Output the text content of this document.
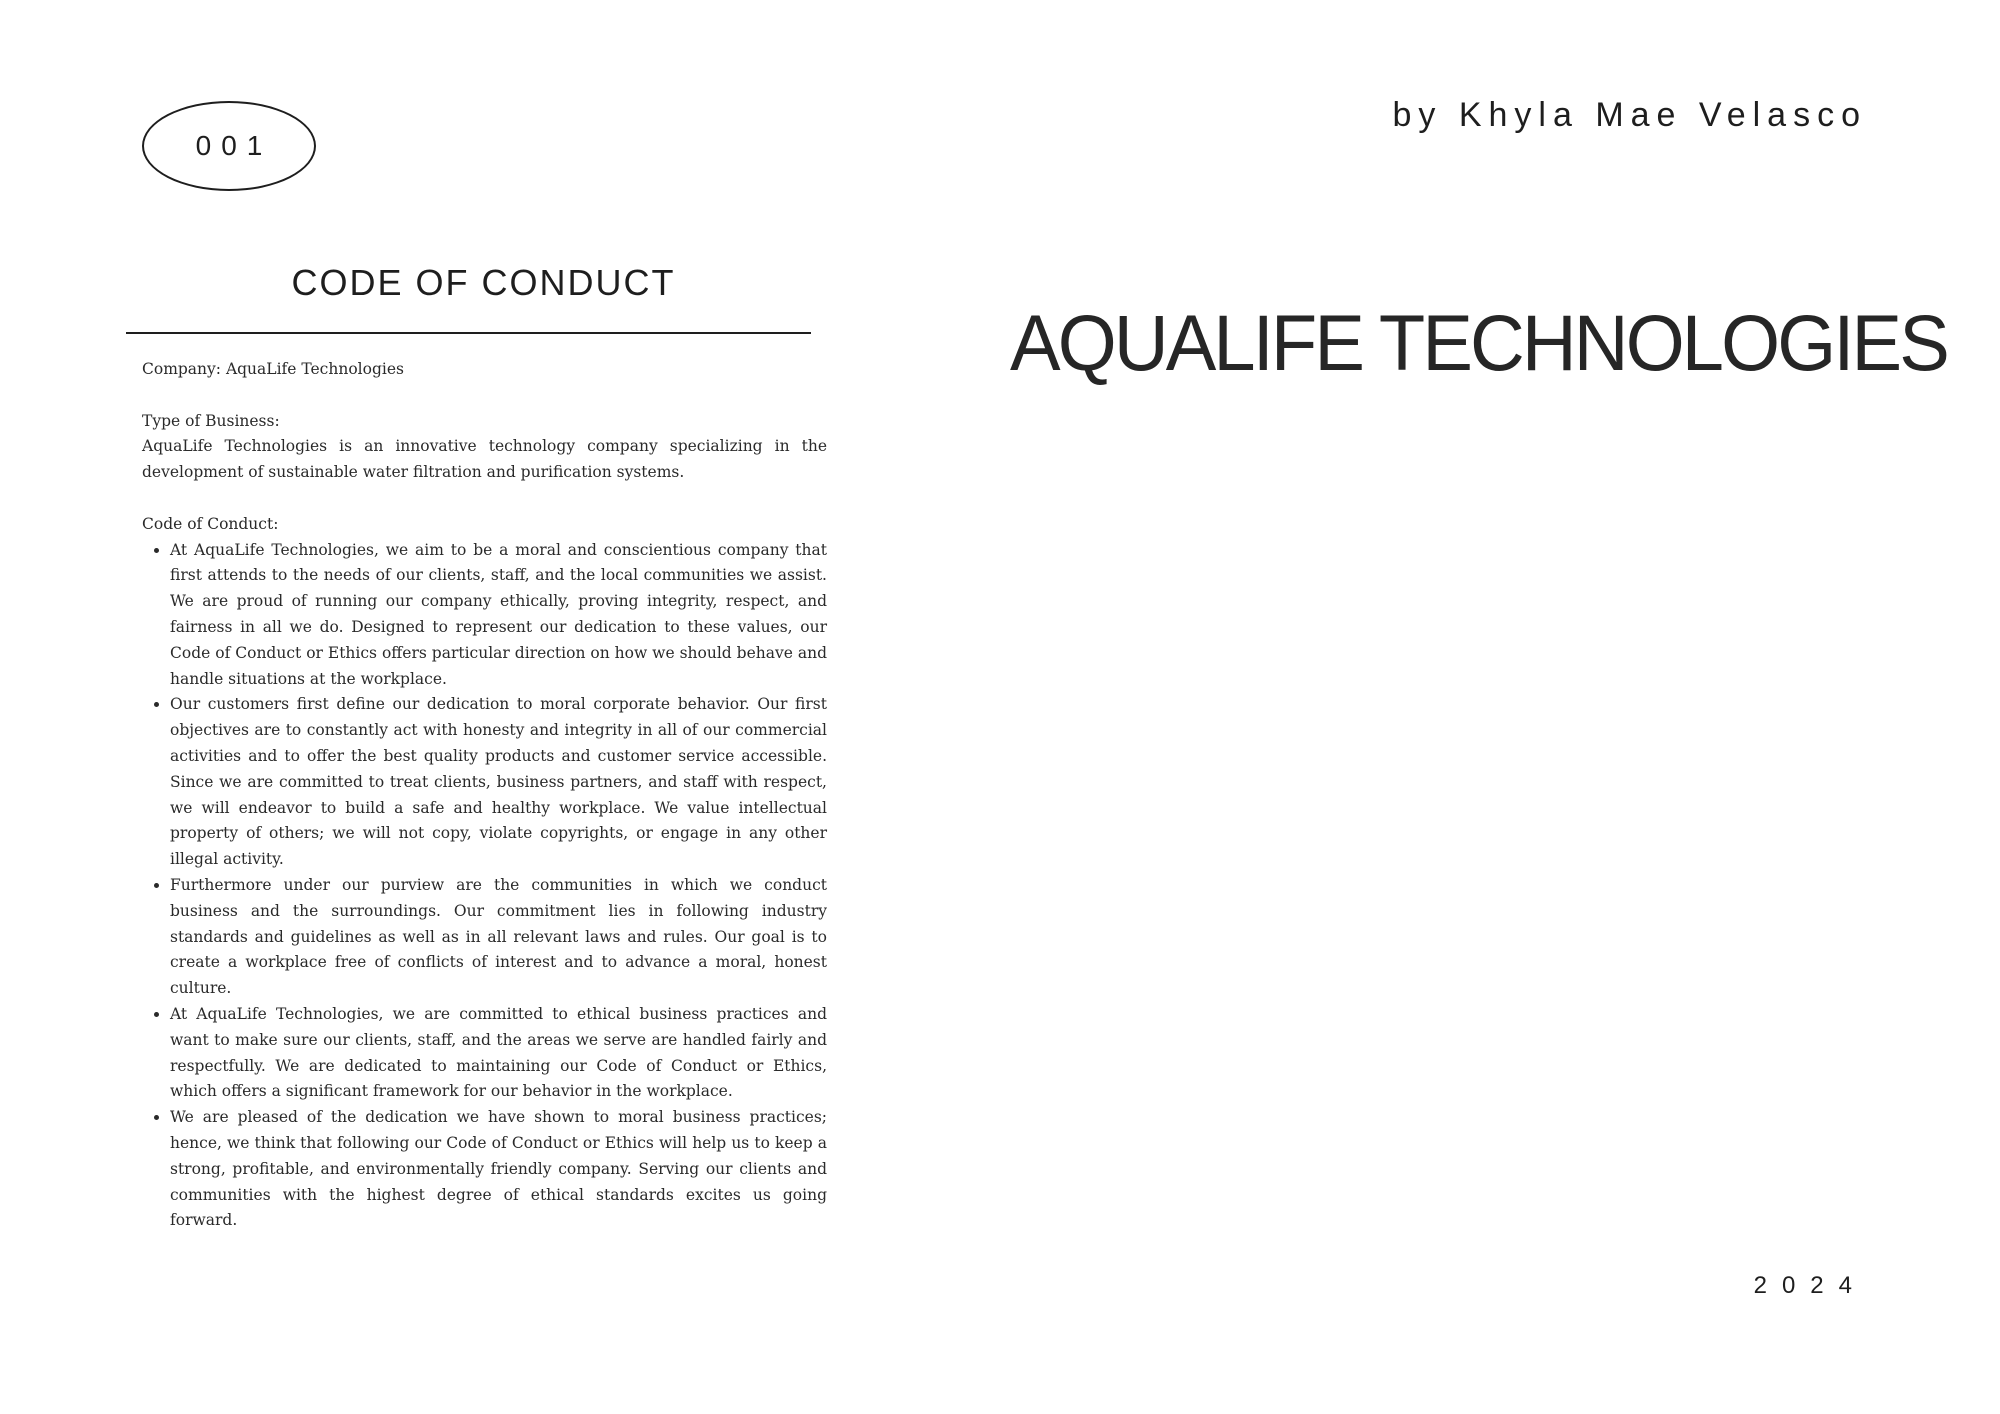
001
by Khyla Mae Velasco
CODE OF CONDUCT

Company: AquaLife Technologies

Type of Business:

AquaLife Technologies is an innovative technology company specializing in the development of sustainable water filtration and purification systems.

Code of Conduct:

• At AquaLife Technologies, we aim to be a moral and conscientious company that first attends to the needs of our clients, staff, and the local communities we assist. We are proud of running our company ethically, proving integrity, respect, and fairness in all we do. Designed to represent our dedication to these values, our Code of Conduct or Ethics offers particular direction on how we should behave and handle situations at the workplace.
• Our customers first define our dedication to moral corporate behavior. Our first objectives are to constantly act with honesty and integrity in all of our commercial activities and to offer the best quality products and customer service accessible. Since we are committed to treat clients, business partners, and staff with respect, we will endeavor to build a safe and healthy workplace. We value intellectual property of others; we will not copy, violate copyrights, or engage in any other illegal activity.
• Furthermore under our purview are the communities in which we conduct business and the surroundings. Our commitment lies in following industry standards and guidelines as well as in all relevant laws and rules. Our goal is to create a workplace free of conflicts of interest and to advance a moral, honest culture.
• At AquaLife Technologies, we are committed to ethical business practices and want to make sure our clients, staff, and the areas we serve are handled fairly and respectfully. We are dedicated to maintaining our Code of Conduct or Ethics, which offers a significant framework for our behavior in the workplace.
• We are pleased of the dedication we have shown to moral business practices; hence, we think that following our Code of Conduct or Ethics will help us to keep a strong, profitable, and environmentally friendly company. Serving our clients and communities with the highest degree of ethical standards excites us going forward.
AQUALIFE TECHNOLOGIES
2024
